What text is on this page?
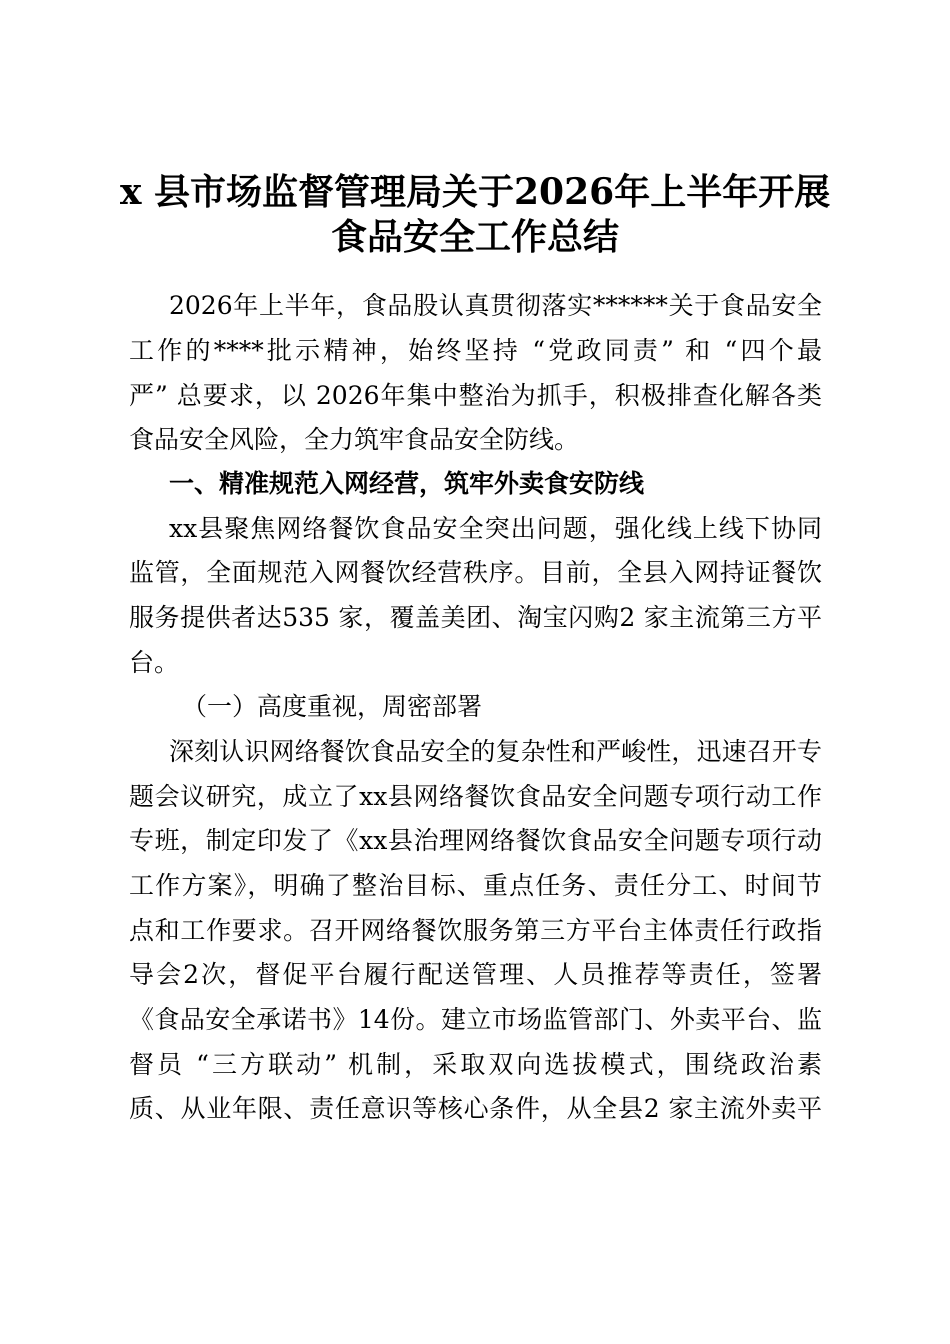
x 县市场监督管理局关于2026年上半年开展
食品安全工作总结
2026年上半年，食品股认真贯彻落实******关于食品安全
工作的****批示精神，始终坚持 “党政同责” 和 “四个最
严” 总要求，以 2026年集中整治为抓手，积极排查化解各类
食品安全风险，全力筑牢食品安全防线。
一、精准规范入网经营，筑牢外卖食安防线
xx县聚焦网络餐饮食品安全突出问题，强化线上线下协同
监管，全面规范入网餐饮经营秩序。目前，全县入网持证餐饮
服务提供者达535 家，覆盖美团、淘宝闪购2 家主流第三方平
台。
（一）高度重视，周密部署
深刻认识网络餐饮食品安全的复杂性和严峻性，迅速召开专
题会议研究，成立了xx县网络餐饮食品安全问题专项行动工作
专班，制定印发了《xx县治理网络餐饮食品安全问题专项行动
工作方案》，明确了整治目标、重点任务、责任分工、时间节
点和工作要求。召开网络餐饮服务第三方平台主体责任行政指
导会2次，督促平台履行配送管理、人员推荐等责任，签署
《食品安全承诺书》14份。建立市场监管部门、外卖平台、监
督员 “三方联动” 机制，采取双向选拔模式，围绕政治素
质、从业年限、责任意识等核心条件，从全县2 家主流外卖平
